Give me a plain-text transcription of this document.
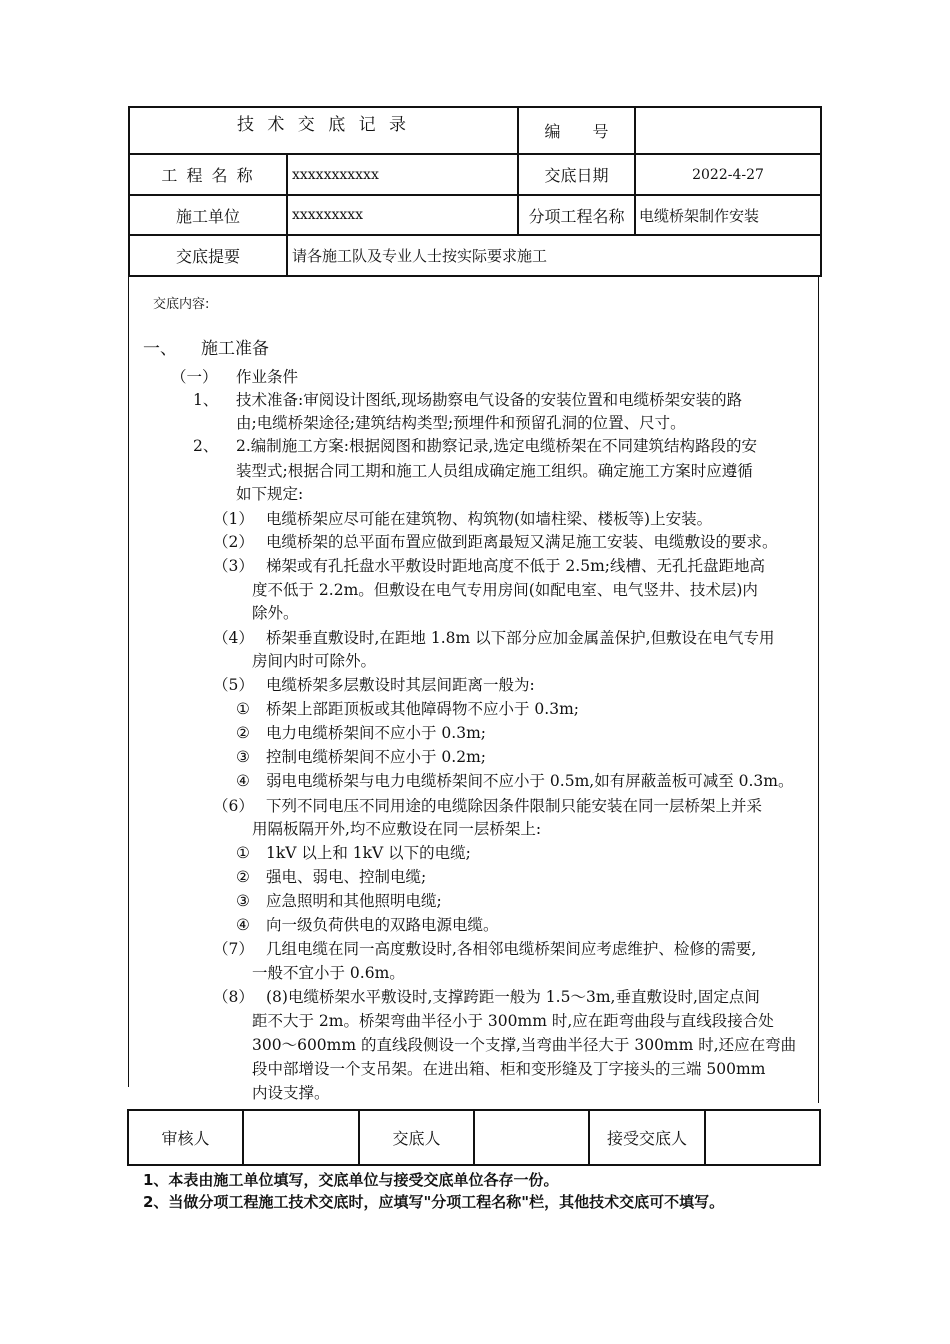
技 术 交 底 记 录	编　　号
工 程 名 称	xxxxxxxxxxx	交底日期	2022-4-27
施工单位	xxxxxxxxx	分项工程名称 电缆桥架制作安装
交底提要	请各施工队及专业人士按实际要求施工
交底内容:
一、 施工准备
（一） 作业条件
1、 技术准备:审阅设计图纸,现场勘察电气设备的安装位置和电缆桥架安装的路
由;电缆桥架途径;建筑结构类型;预埋件和预留孔洞的位置、尺寸。
2、 2.编制施工方案:根据阅图和勘察记录,选定电缆桥架在不同建筑结构路段的安
装型式;根据合同工期和施工人员组成确定施工组织。确定施工方案时应遵循
如下规定:
（1） 电缆桥架应尽可能在建筑物、构筑物(如墙柱梁、楼板等)上安装。
（2） 电缆桥架的总平面布置应做到距离最短又满足施工安装、电缆敷设的要求。
（3） 梯架或有孔托盘水平敷设时距地高度不低于 2.5m;线槽、无孔托盘距地高
度不低于 2.2m。但敷设在电气专用房间(如配电室、电气竖井、技术层)内
除外。
（4） 桥架垂直敷设时,在距地 1.8m 以下部分应加金属盖保护,但敷设在电气专用
房间内时可除外。
（5） 电缆桥架多层敷设时其层间距离一般为:
① 桥架上部距顶板或其他障碍物不应小于 0.3m;
② 电力电缆桥架间不应小于 0.3m;
③ 控制电缆桥架间不应小于 0.2m;
④ 弱电电缆桥架与电力电缆桥架间不应小于 0.5m,如有屏蔽盖板可减至 0.3m。
（6） 下列不同电压不同用途的电缆除因条件限制只能安装在同一层桥架上并采
用隔板隔开外,均不应敷设在同一层桥架上:
① 1kV 以上和 1kV 以下的电缆;
② 强电、弱电、控制电缆;
③ 应急照明和其他照明电缆;
④ 向一级负荷供电的双路电源电缆。
（7） 几组电缆在同一高度敷设时,各相邻电缆桥架间应考虑维护、检修的需要,
一般不宜小于 0.6m。
（8） (8)电缆桥架水平敷设时,支撑跨距一般为 1.5～3m,垂直敷设时,固定点间
距不大于 2m。桥架弯曲半径小于 300mm 时,应在距弯曲段与直线段接合处
300～600mm 的直线段侧设一个支撑,当弯曲半径大于 300mm 时,还应在弯曲
段中部增设一个支吊架。在进出箱、柜和变形缝及丁字接头的三端 500mm
内设支撑。
审核人	交底人	接受交底人
1、本表由施工单位填写，交底单位与接受交底单位各存一份。
2、当做分项工程施工技术交底时，应填写"分项工程名称"栏，其他技术交底可不填写。
